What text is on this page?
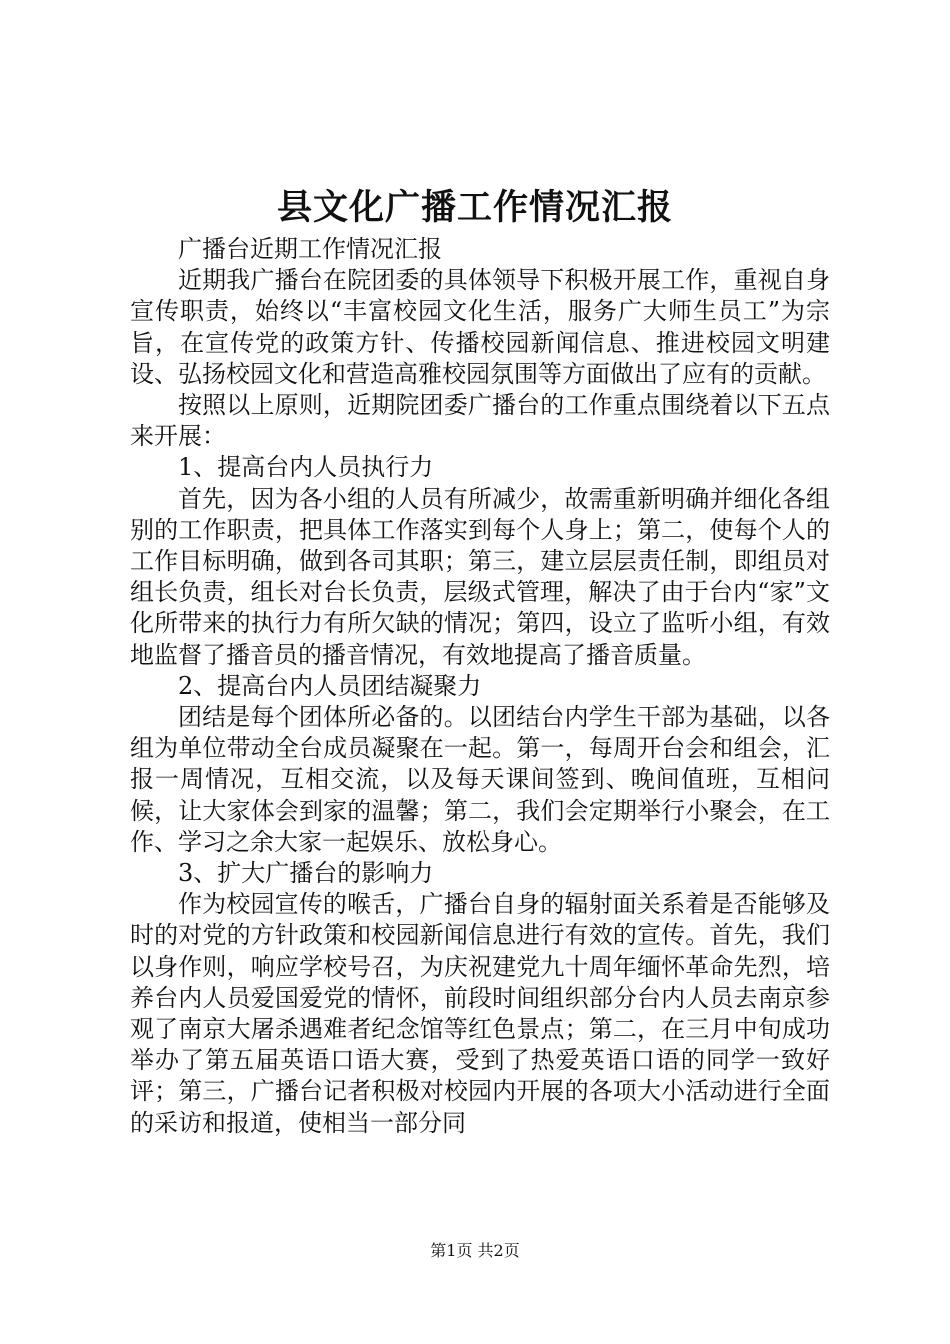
县文化广播工作情况汇报

广播台近期工作情况汇报

近期我广播台在院团委的具体领导下积极开展工作，重视自身宣传职责，始终以“丰富校园文化生活，服务广大师生员工”为宗旨，在宣传党的政策方针、传播校园新闻信息、推进校园文明建设、弘扬校园文化和营造高雅校园氛围等方面做出了应有的贡献。

按照以上原则，近期院团委广播台的工作重点围绕着以下五点来开展：

1、提高台内人员执行力

首先，因为各小组的人员有所减少，故需重新明确并细化各组别的工作职责，把具体工作落实到每个人身上；第二，使每个人的工作目标明确，做到各司其职；第三，建立层层责任制，即组员对组长负责，组长对台长负责，层级式管理，解决了由于台内“家”文化所带来的执行力有所欠缺的情况；第四，设立了监听小组，有效地监督了播音员的播音情况，有效地提高了播音质量。

2、提高台内人员团结凝聚力

团结是每个团体所必备的。以团结台内学生干部为基础，以各组为单位带动全台成员凝聚在一起。第一，每周开台会和组会，汇报一周情况，互相交流，以及每天课间签到、晚间值班，互相问候，让大家体会到家的温馨；第二，我们会定期举行小聚会，在工作、学习之余大家一起娱乐、放松身心。

3、扩大广播台的影响力

作为校园宣传的喉舌，广播台自身的辐射面关系着是否能够及时的对党的方针政策和校园新闻信息进行有效的宣传。首先，我们以身作则，响应学校号召，为庆祝建党九十周年缅怀革命先烈，培养台内人员爱国爱党的情怀，前段时间组织部分台内人员去南京参观了南京大屠杀遇难者纪念馆等红色景点；第二，在三月中旬成功举办了第五届英语口语大赛，受到了热爱英语口语的同学一致好评；第三，广播台记者积极对校园内开展的各项大小活动进行全面的采访和报道，使相当一部分同

第1页 共2页
